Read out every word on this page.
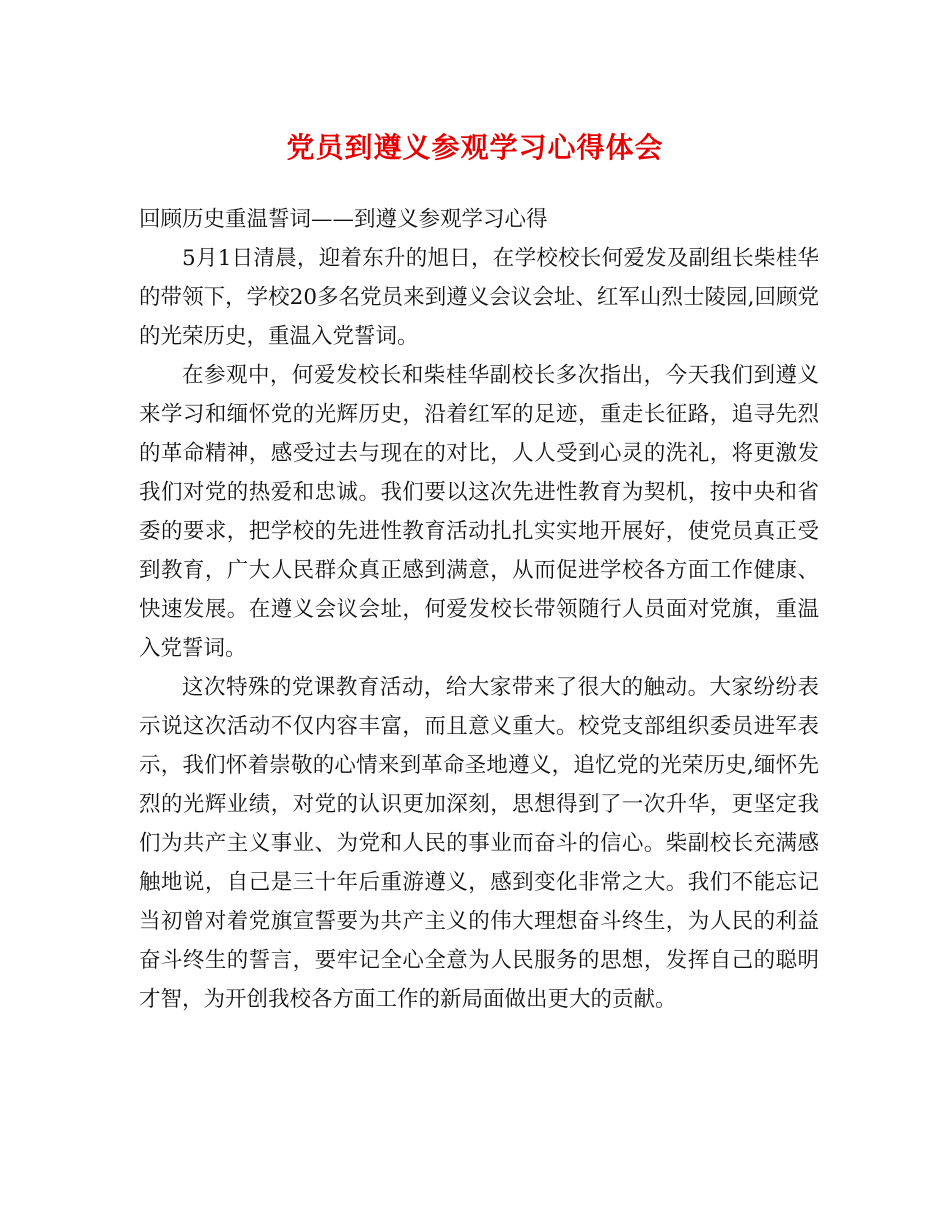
党员到遵义参观学习心得体会

回顾历史重温誓词——到遵义参观学习心得

5月1日清晨，迎着东升的旭日，在学校校长何爱发及副组长柴桂华的带领下，学校20多名党员来到遵义会议会址、红军山烈士陵园,回顾党的光荣历史，重温入党誓词。

在参观中，何爱发校长和柴桂华副校长多次指出，今天我们到遵义来学习和缅怀党的光辉历史，沿着红军的足迹，重走长征路，追寻先烈的革命精神，感受过去与现在的对比，人人受到心灵的洗礼，将更激发我们对党的热爱和忠诚。我们要以这次先进性教育为契机，按中央和省委的要求，把学校的先进性教育活动扎扎实实地开展好，使党员真正受到教育，广大人民群众真正感到满意，从而促进学校各方面工作健康、快速发展。在遵义会议会址，何爱发校长带领随行人员面对党旗，重温入党誓词。

这次特殊的党课教育活动，给大家带来了很大的触动。大家纷纷表示说这次活动不仅内容丰富，而且意义重大。校党支部组织委员进军表示，我们怀着崇敬的心情来到革命圣地遵义，追忆党的光荣历史,缅怀先烈的光辉业绩，对党的认识更加深刻，思想得到了一次升华，更坚定我们为共产主义事业、为党和人民的事业而奋斗的信心。柴副校长充满感触地说，自己是三十年后重游遵义，感到变化非常之大。我们不能忘记当初曾对着党旗宣誓要为共产主义的伟大理想奋斗终生，为人民的利益奋斗终生的誓言，要牢记全心全意为人民服务的思想，发挥自己的聪明才智，为开创我校各方面工作的新局面做出更大的贡献。
